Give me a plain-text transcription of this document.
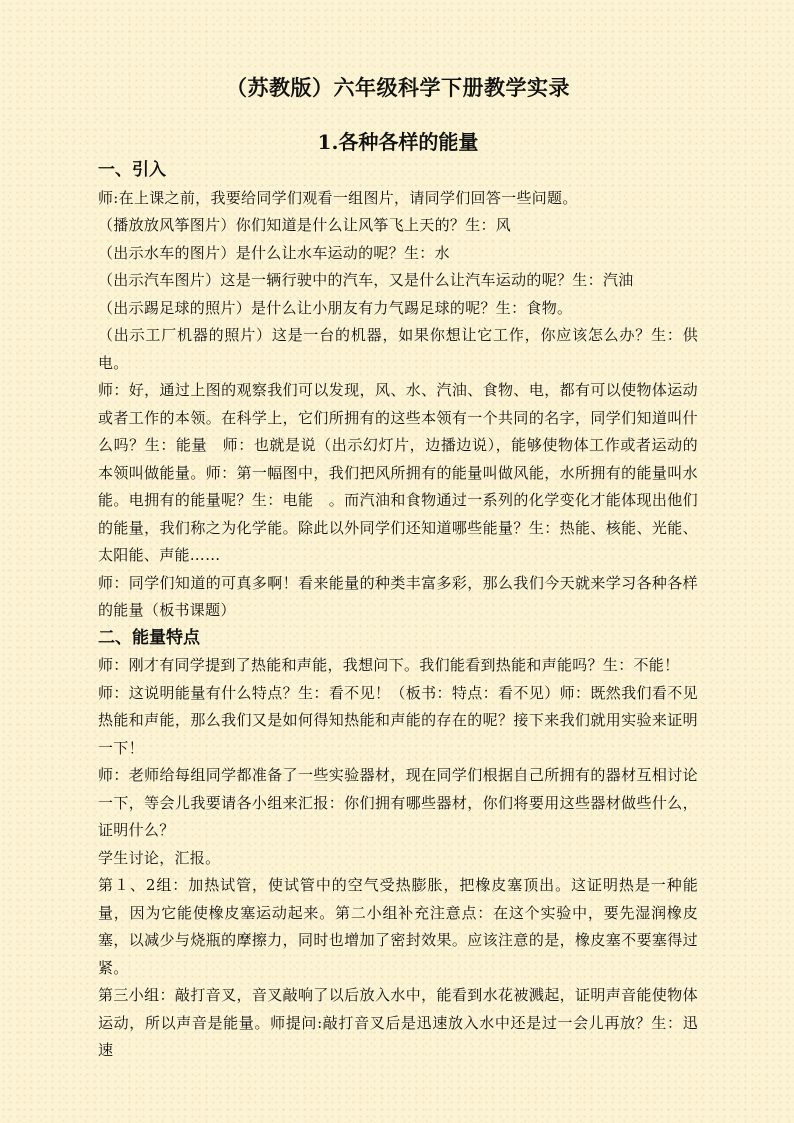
（苏教版）六年级科学下册教学实录
1.各种各样的能量
一、引入

师:在上课之前，我要给同学们观看一组图片，请同学们回答一些问题。

（播放放风筝图片）你们知道是什么让风筝飞上天的？生：风

（出示水车的图片）是什么让水车运动的呢？生：水

（出示汽车图片）这是一辆行驶中的汽车，又是什么让汽车运动的呢？生：汽油

（出示踢足球的照片）是什么让小朋友有力气踢足球的呢？生：食物。

（出示工厂机器的照片）这是一台的机器，如果你想让它工作，你应该怎么办？生：供电。

师：好，通过上图的观察我们可以发现，风、水、汽油、食物、电，都有可以使物体运动或者工作的本领。在科学上，它们所拥有的这些本领有一个共同的名字，同学们知道叫什么吗？生：能量　师：也就是说（出示幻灯片，边播边说），能够使物体工作或者运动的本领叫做能量。师：第一幅图中，我们把风所拥有的能量叫做风能，水所拥有的能量叫水能。电拥有的能量呢？生：电能　。而汽油和食物通过一系列的化学变化才能体现出他们的能量，我们称之为化学能。除此以外同学们还知道哪些能量？生：热能、核能、光能、太阳能、声能……

师：同学们知道的可真多啊！看来能量的种类丰富多彩，那么我们今天就来学习各种各样的能量（板书课题）

二、能量特点

师：刚才有同学提到了热能和声能，我想问下。我们能看到热能和声能吗？生：不能！

师：这说明能量有什么特点？生：看不见！（板书：特点：看不见）师：既然我们看不见热能和声能，那么我们又是如何得知热能和声能的存在的呢？接下来我们就用实验来证明一下！

师：老师给每组同学都准备了一些实验器材，现在同学们根据自己所拥有的器材互相讨论一下，等会儿我要请各小组来汇报：你们拥有哪些器材，你们将要用这些器材做些什么，证明什么？

学生讨论，汇报。

第１、2组：加热试管，使试管中的空气受热膨胀，把橡皮塞顶出。这证明热是一种能量，因为它能使橡皮塞运动起来。第二小组补充注意点：在这个实验中，要先湿润橡皮塞，以减少与烧瓶的摩擦力，同时也增加了密封效果。应该注意的是，橡皮塞不要塞得过紧。

第三小组：敲打音叉，音叉敲响了以后放入水中，能看到水花被溅起，证明声音能使物体运动，所以声音是能量。师提问:敲打音叉后是迅速放入水中还是过一会儿再放？生：迅速
